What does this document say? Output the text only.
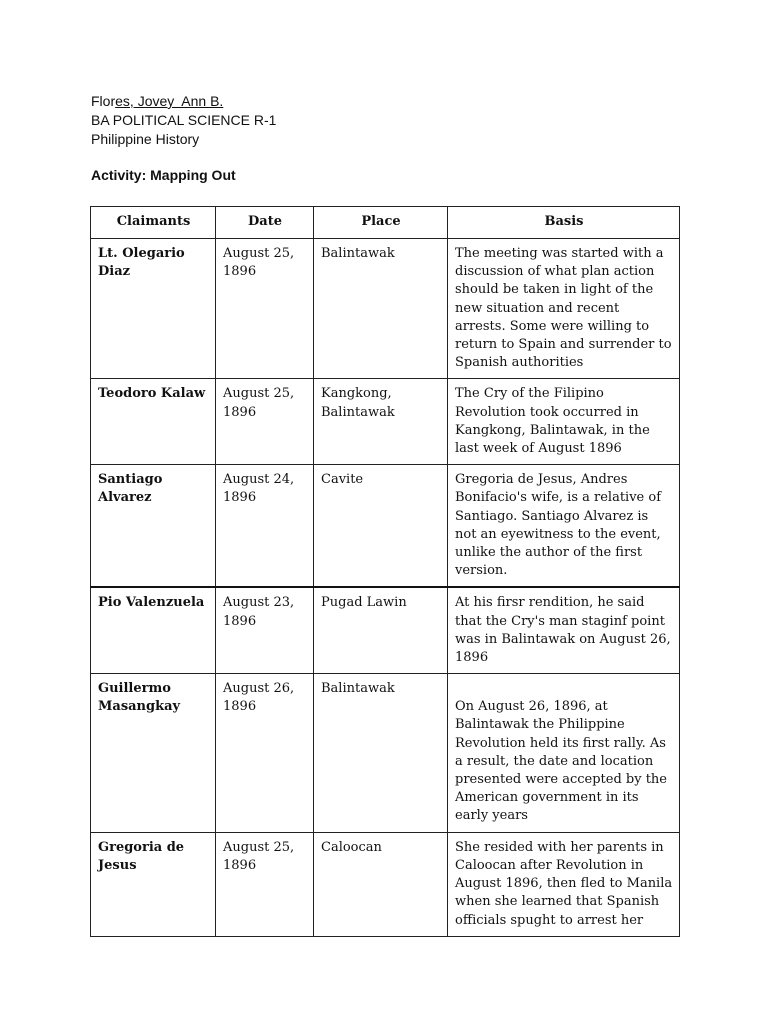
Flores, Jovey  Ann B.
BA POLITICAL SCIENCE R-1
Philippine History
Activity: Mapping Out
Claimants	Date	Place	Basis
Lt. Olegario Diaz	August 25, 1896	Balintawak	The meeting was started with a discussion of what plan action should be taken in light of the new situation and recent arrests. Some were willing to return to Spain and surrender to Spanish authorities
Teodoro Kalaw	August 25, 1896	Kangkong, Balintawak	The Cry of the Filipino Revolution took occurred in Kangkong, Balintawak, in the last week of August 1896
Santiago Alvarez	August 24, 1896	Cavite	Gregoria de Jesus, Andres Bonifacio's wife, is a relative of Santiago. Santiago Alvarez is not an eyewitness to the event, unlike the author of the first version.
Pio Valenzuela	August 23, 1896	Pugad Lawin	At his firsr rendition, he said that the Cry's man staginf point was in Balintawak on August 26, 1896
Guillermo Masangkay	August 26, 1896	Balintawak	On August 26, 1896, at Balintawak the Philippine Revolution held its first rally. As a result, the date and location presented were accepted by the American government in its early years
Gregoria de Jesus	August 25, 1896	Caloocan	She resided with her parents in Caloocan after Revolution in August 1896, then fled to Manila when she learned that Spanish officials spught to arrest her
